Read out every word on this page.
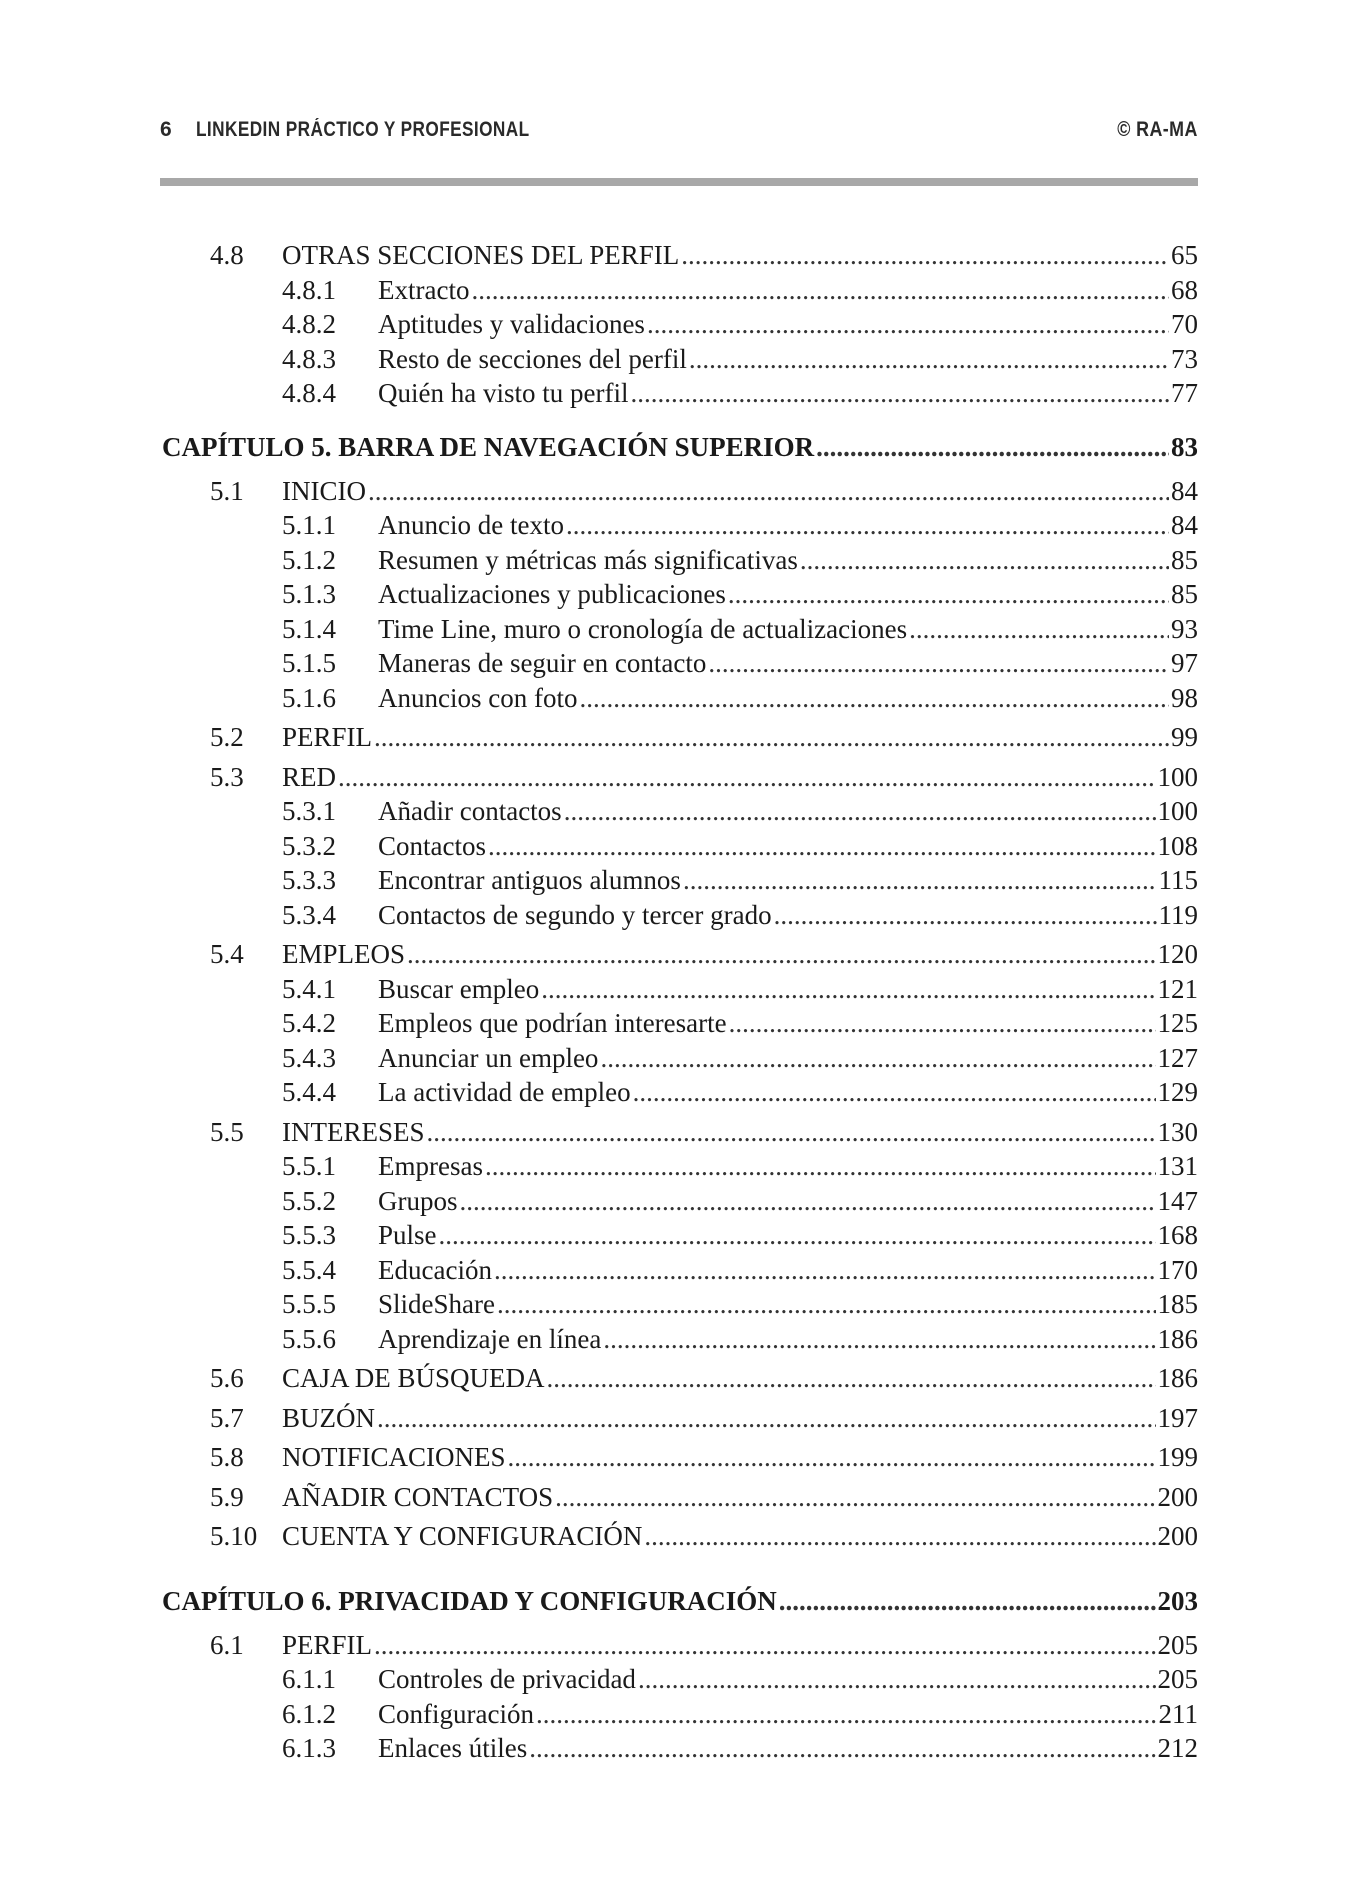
6 LINKEDIN PRÁCTICO Y PROFESIONAL	© RA-MA
4.8 OTRAS SECCIONES DEL PERFIL .....	65
4.8.1 Extracto .....	68
4.8.2 Aptitudes y validaciones .....	70
4.8.3 Resto de secciones del perfil .....	73
4.8.4 Quién ha visto tu perfil .....	77
CAPÍTULO 5. BARRA DE NAVEGACIÓN SUPERIOR .....	83
5.1 INICIO .....	84
5.1.1 Anuncio de texto .....	84
5.1.2 Resumen y métricas más significativas .....	85
5.1.3 Actualizaciones y publicaciones .....	85
5.1.4 Time Line, muro o cronología de actualizaciones .....	93
5.1.5 Maneras de seguir en contacto .....	97
5.1.6 Anuncios con foto .....	98
5.2 PERFIL .....	99
5.3 RED .....	100
5.3.1 Añadir contactos .....	100
5.3.2 Contactos .....	108
5.3.3 Encontrar antiguos alumnos .....	115
5.3.4 Contactos de segundo y tercer grado .....	119
5.4 EMPLEOS .....	120
5.4.1 Buscar empleo .....	121
5.4.2 Empleos que podrían interesarte .....	125
5.4.3 Anunciar un empleo .....	127
5.4.4 La actividad de empleo .....	129
5.5 INTERESES .....	130
5.5.1 Empresas .....	131
5.5.2 Grupos .....	147
5.5.3 Pulse .....	168
5.5.4 Educación .....	170
5.5.5 SlideShare .....	185
5.5.6 Aprendizaje en línea .....	186
5.6 CAJA DE BÚSQUEDA .....	186
5.7 BUZÓN .....	197
5.8 NOTIFICACIONES .....	199
5.9 AÑADIR CONTACTOS .....	200
5.10 CUENTA Y CONFIGURACIÓN .....	200
CAPÍTULO 6. PRIVACIDAD Y CONFIGURACIÓN .....	203
6.1 PERFIL .....	205
6.1.1 Controles de privacidad .....	205
6.1.2 Configuración .....	211
6.1.3 Enlaces útiles .....	212
